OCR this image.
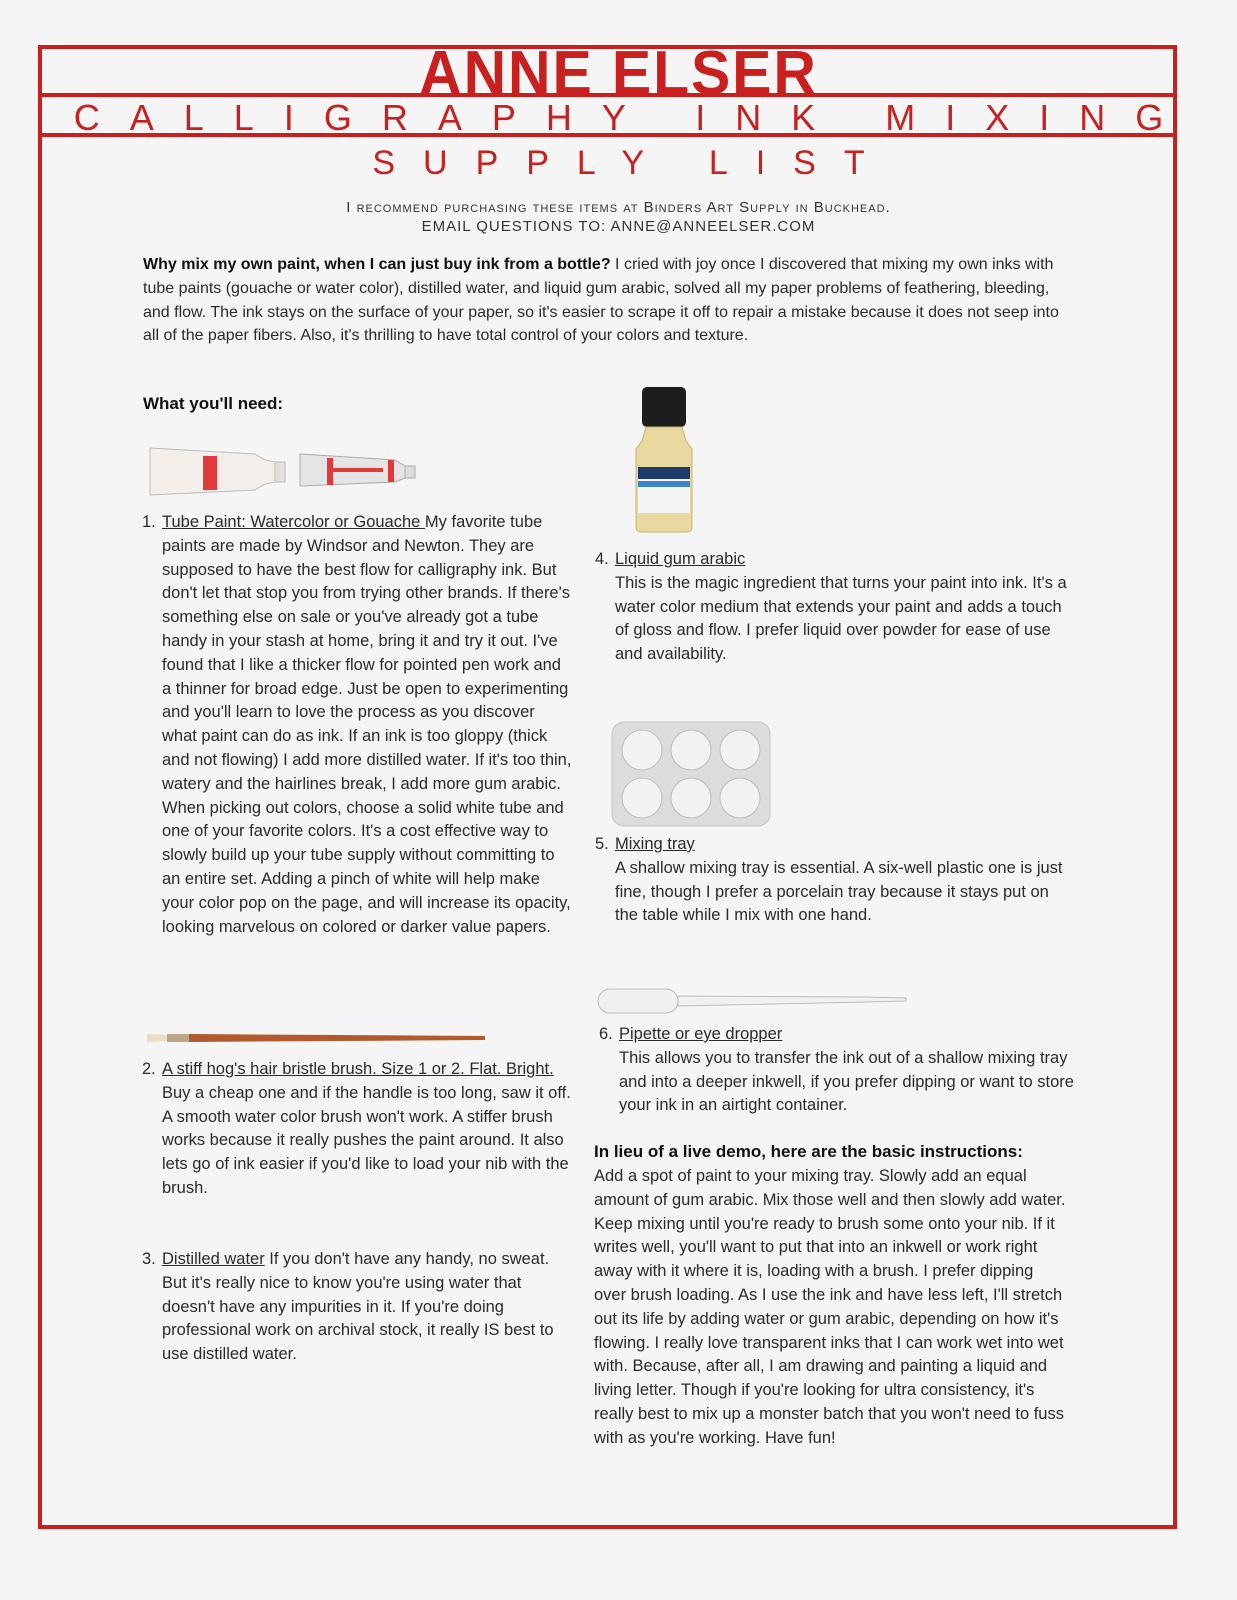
ANNE ELSER
CALLIGRAPHY INK MIXING
SUPPLY LIST
I recommend purchasing these items at Binders Art Supply in Buckhead.
EMAIL QUESTIONS TO: ANNE@ANNEELSER.COM
Why mix my own paint, when I can just buy ink from a bottle? I cried with joy once I discovered that mixing my own inks with tube paints (gouache or water color), distilled water, and liquid gum arabic, solved all my paper problems of feathering, bleeding, and flow. The ink stays on the surface of your paper, so it's easier to scrape it off to repair a mistake because it does not seep into all of the paper fibers. Also, it's thrilling to have total control of your colors and texture.
What you'll need:
1. Tube Paint: Watercolor or Gouache My favorite tube paints are made by Windsor and Newton. They are supposed to have the best flow for calligraphy ink. But don't let that stop you from trying other brands. If there's something else on sale or you've already got a tube handy in your stash at home, bring it and try it out. I've found that I like a thicker flow for pointed pen work and a thinner for broad edge. Just be open to experimenting and you'll learn to love the process as you discover what paint can do as ink. If an ink is too gloppy (thick and not flowing) I add more distilled water. If it's too thin, watery and the hairlines break, I add more gum arabic. When picking out colors, choose a solid white tube and one of your favorite colors. It's a cost effective way to slowly build up your tube supply without committing to an entire set. Adding a pinch of white will help make your color pop on the page, and will increase its opacity, looking marvelous on colored or darker value papers.
2. A stiff hog's hair bristle brush. Size 1 or 2. Flat. Bright. Buy a cheap one and if the handle is too long, saw it off. A smooth water color brush won't work. A stiffer brush works because it really pushes the paint around. It also lets go of ink easier if you'd like to load your nib with the brush.
3. Distilled water If you don't have any handy, no sweat. But it's really nice to know you're using water that doesn't have any impurities in it. If you're doing professional work on archival stock, it really IS best to use distilled water.
4. Liquid gum arabic
This is the magic ingredient that turns your paint into ink. It's a water color medium that extends your paint and adds a touch of gloss and flow. I prefer liquid over powder for ease of use and availability.
5. Mixing tray
A shallow mixing tray is essential. A six-well plastic one is just fine, though I prefer a porcelain tray because it stays put on the table while I mix with one hand.
6. Pipette or eye dropper
This allows you to transfer the ink out of a shallow mixing tray and into a deeper inkwell, if you prefer dipping or want to store your ink in an airtight container.
In lieu of a live demo, here are the basic instructions:
Add a spot of paint to your mixing tray. Slowly add an equal amount of gum arabic. Mix those well and then slowly add water. Keep mixing until you're ready to brush some onto your nib. If it writes well, you'll want to put that into an inkwell or work right away with it where it is, loading with a brush. I prefer dipping over brush loading. As I use the ink and have less left, I'll stretch out its life by adding water or gum arabic, depending on how it's flowing. I really love transparent inks that I can work wet into wet with. Because, after all, I am drawing and painting a liquid and living letter. Though if you're looking for ultra consistency, it's really best to mix up a monster batch that you won't need to fuss with as you're working. Have fun!
